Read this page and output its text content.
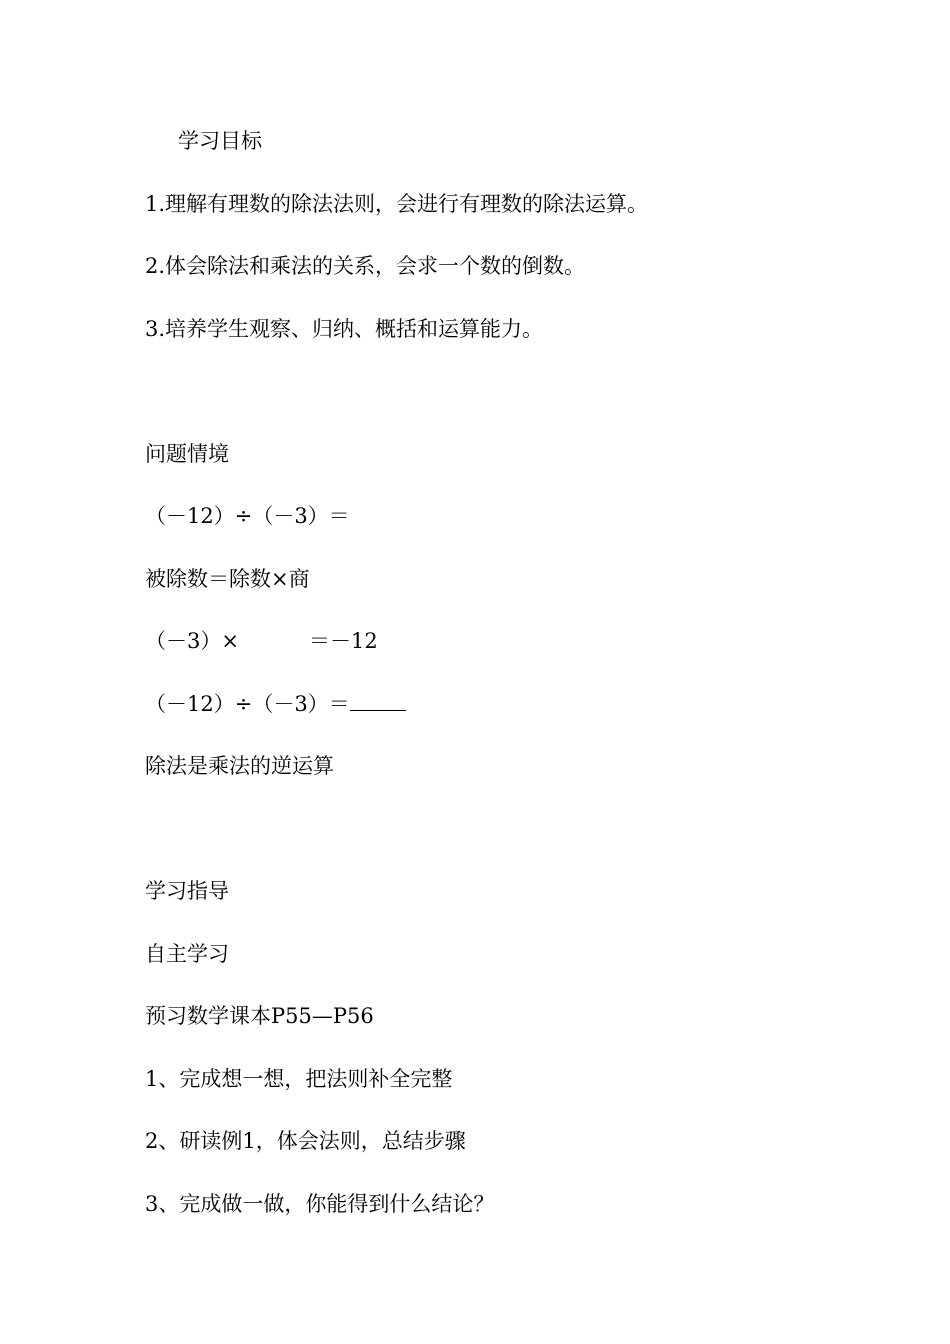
学习目标
1.理解有理数的除法法则，会进行有理数的除法运算。
2.体会除法和乘法的关系，会求一个数的倒数。
3.培养学生观察、归纳、概括和运算能力。
问题情境
（－12）÷（－3）＝
被除数＝除数×商
（－3）×	＝－12
（－12）÷（－3）＝
除法是乘法的逆运算
学习指导
自主学习
预习数学课本P55—P56
1、完成想一想，把法则补全完整
2、研读例1，体会法则，总结步骤
3、完成做一做，你能得到什么结论？
